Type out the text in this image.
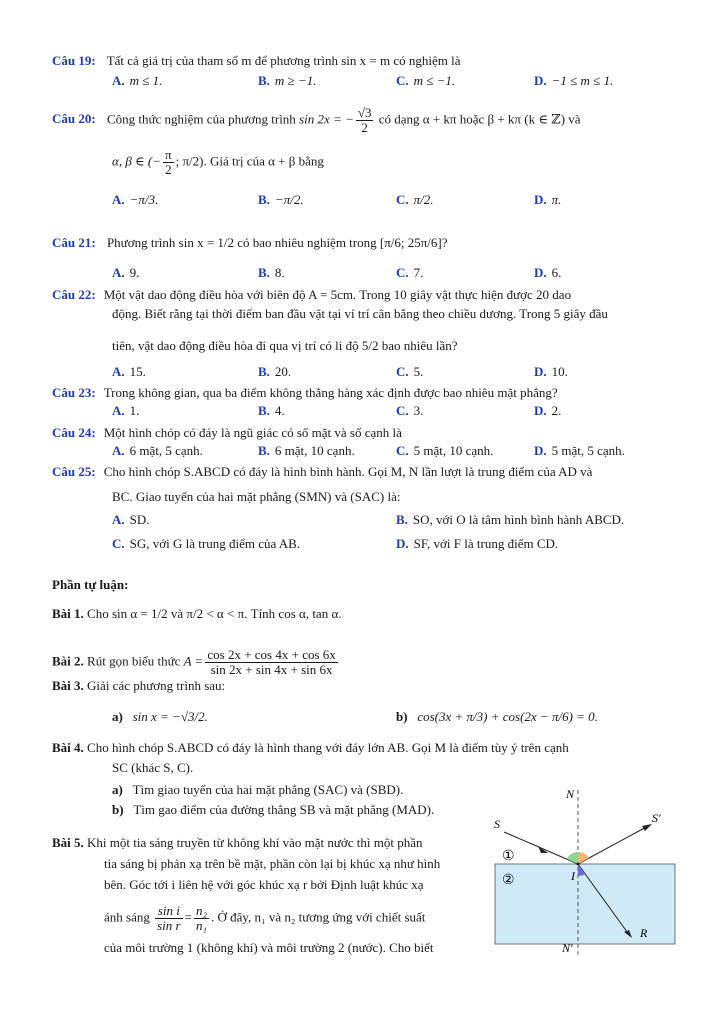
Câu 19: Tất cả giá trị của tham số m để phương trình sin x = m có nghiệm là
A. m ≤ 1.	B. m ≥ −1.	C. m ≤ −1.	D. −1 ≤ m ≤ 1.
Câu 20: Công thức nghiệm của phương trình sin 2x = − $\frac{√3}{2}$ có dạng α + kπ hoặc β + kπ (k ∈ ℤ) và
α, β ∈ (− $\frac{\pi}{2}$ ; π/2). Giá trị của α + β bằng
A. −π/3.	B. −π/2.	C. π/2.	D. π.
Câu 21: Phương trình sin x = 1/2 có bao nhiêu nghiệm trong [π/6; 25π/6]?
A. 9.	B. 8.	C. 7.	D. 6.
Câu 22: Một vật dao động điều hòa với biên độ A = 5cm. Trong 10 giây vật thực hiện được 20 dao
động. Biết rằng tại thời điểm ban đầu vật tại ví trí cân bằng theo chiều dương. Trong 5 giây đầu
tiên, vật dao động điều hòa đi qua vị trí có li độ 5/2 bao nhiêu lần?
A. 15.	B. 20.	C. 5.	D. 10.
Câu 23: Trong không gian, qua ba điểm không thẳng hàng xác định được bao nhiêu mặt phẳng?
A. 1.	B. 4.	C. 3.	D. 2.
Câu 24: Một hình chóp có đáy là ngũ giác có số mặt và số cạnh là
A. 6 mặt, 5 cạnh.	B. 6 mặt, 10 cạnh.	C. 5 mặt, 10 cạnh.	D. 5 mặt, 5 cạnh.
Câu 25: Cho hình chóp S.ABCD có đáy là hình bình hành. Gọi M, N lần lượt là trung điểm của AD và
BC. Giao tuyến của hai mặt phẳng (SMN) và (SAC) là:
A. SD.	B. SO, với O là tâm hình bình hành ABCD.
C. SG, với G là trung điểm của AB.	D. SF, với F là trung điểm CD.
Phần tự luận:
Bài 1. Cho sin α = 1/2 và π/2 < α < π. Tính cos α, tan α.
Bài 2. Rút gọn biểu thức $A = \frac{\cos 2x + \cos 4x + \cos 6x}{\sin 2x + \sin 4x + \sin 6x}$
Bài 3. Giải các phương trình sau:
a) sin x = −√3/2.	b) cos(3x + π/3) + cos(2x − π/6) = 0.
Bài 4. Cho hình chóp S.ABCD có đáy là hình thang với đáy lớn AB. Gọi M là điểm tùy ý trên cạnh
SC (khác S, C).
a) Tìm giao tuyến của hai mặt phẳng (SAC) và (SBD).
b) Tìm gao điểm của đường thẳng SB và mặt phẳng (MAD).
Bài 5. Khi một tia sáng truyền từ không khí vào mặt nước thì một phần
tia sáng bị phản xạ trên bề mặt, phần còn lại bị khúc xạ như hình
bên. Góc tới i liên hệ với góc khúc xạ r bởi Định luật khúc xạ
ánh sáng $\frac{\text{sin i}}{\text{sin r}} = \frac{\text{n₂}}{\text{n₁}}$ . Ở đây, n₁ và n₂ tương ứng với chiết suất
của môi trường 1 (không khí) và môi trường 2 (nước). Cho biết
N
N′
S	S′
I
R
①
②
